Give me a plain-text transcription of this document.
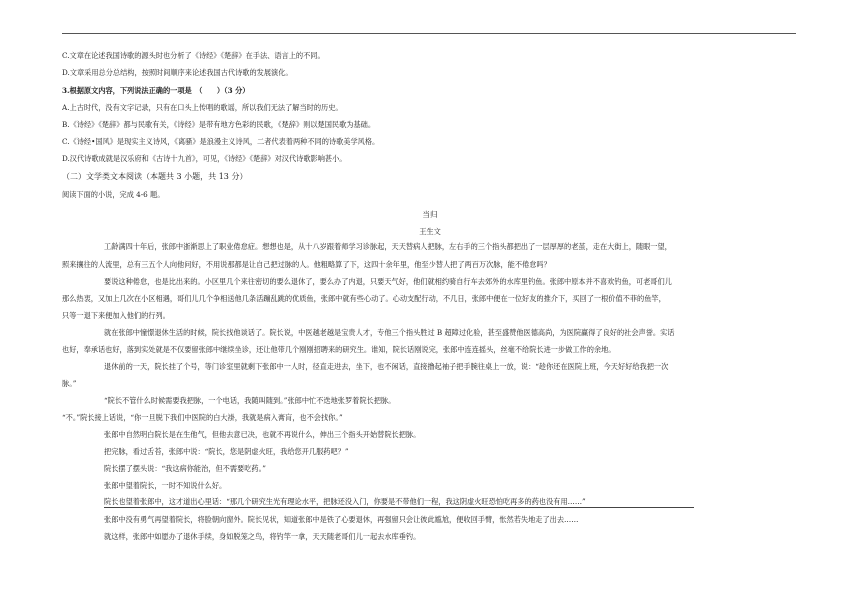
C.文章在论述我国诗歌的源头时也分析了《诗经》《楚辞》在手法、语言上的不同。
D.文章采用总分总结构，按照时间顺序来论述我国古代诗歌的发展演化。
3.根据原文内容，下列说法正确的一项是　（　　）（3 分）
A.上古时代，没有文字记录，只有在口头上传唱的歌谣，所以我们无法了解当时的历史。
B.《诗经》《楚辞》都与民歌有关，《诗经》是带有地方色彩的民歌，《楚辞》则以楚国民歌为基础。
C.《诗经•国风》是现实主义诗风，《离骚》是浪漫主义诗风，二者代表着两种不同的诗歌美学风格。
D.汉代诗歌成就是汉乐府和《古诗十九首》，可见，《诗经》《楚辞》对汉代诗歌影响甚小。
（二）文学类文本阅读（本题共 3 小题，共 13 分）
阅读下面的小说，完成 4-6 题。
当归
王生文
工龄满四十年后，张郎中浙渐思上了职业倦怠症。想想也是，从十八岁跟着师学习诊脉起，天天替病人把脉，左右手的三个指头都把出了一层厚厚的老茧，走在大街上，随眼一望，
照来攘往的人流里，总有三五个人向他问好，不用说那都是让自己把过脉的人。他粗略算了下，这四十余年里，他至少替人把了两百万次脉，能不倦怠吗？
要说这种倦怠，也是比出来的。小区里几个来往密切的要么退休了，要么办了内退，只要天气好，他们就相约骑自行车去郊外的水库里钓鱼。张郎中原本并不喜欢钓鱼，可老哥们儿
那么热衷，又加上几次在小区相遇，哥们儿几个争相送他几条活蹦乱跳的优质鱼，张郎中就有些心动了。心动支配行动，不几日，张郎中便在一位好友的推介下，买回了一根价值不菲的鱼竿，
只等一退下来便加入他们的行列。
就在张郎中憧憬退休生活的时候，院长找他谈话了。院长说，中医越老越是宝贵人才，专他三个指头胜过 B 超障过化验，甚至盛赞他医德高尚，为医院赢得了良好的社会声誉。实话
也好，奉承话也好，落到实处就是不仅要留张郎中继续坐诊，还让他带几个刚刚招聘来的研究生。谁知，院长话刚说完，张郎中连连摇头，丝毫不给院长进一步做工作的余地。
退休前的一天，院长挂了个号，等门诊室里就剩下张郎中一人时，径直走进去，坐下，也不闲话，直接撸起袖子把手腕往桌上一放，说：“趁你还在医院上班，今天好好给我把一次
脉。”
“院长不管什么时候需要我把脉，一个电话，我随叫随到。”张郎中忙不迭地张罗着院长把脉。
“不。”院长接上话说，“你一旦脱下我们中医院的白大褂，我就是病入膏肓，也不会找你。”
张郎中自然明白院长是在生他气，但他去意已决，也就不再说什么，伸出三个指头开始替院长把脉。
把完脉，看过舌苔，张郎中说：“院长，您是阴虚火旺，我给您开几服药吧？”
院长摆了摆头说：“我这病你能治，但不需要吃药。”
张郎中望着院长，一时不知说什么好。
院长也望着张郎中，这才道出心里话：“那几个研究生光有理论水平，把脉还没入门，你要是不带他们一程，我这阴虚火旺恐怕吃再多的药也没有用……”
张郎中没有勇气再望着院长，将脸朝向窗外。院长见状，知道张郎中是铁了心要退休，再强留只会让彼此尴尬，便收回手臂，怅然若失地走了出去……
就这样，张郎中如愿办了退休手续，身如脱笼之鸟，将钓竿一拿，天天随老哥们儿一起去水库垂钓。
